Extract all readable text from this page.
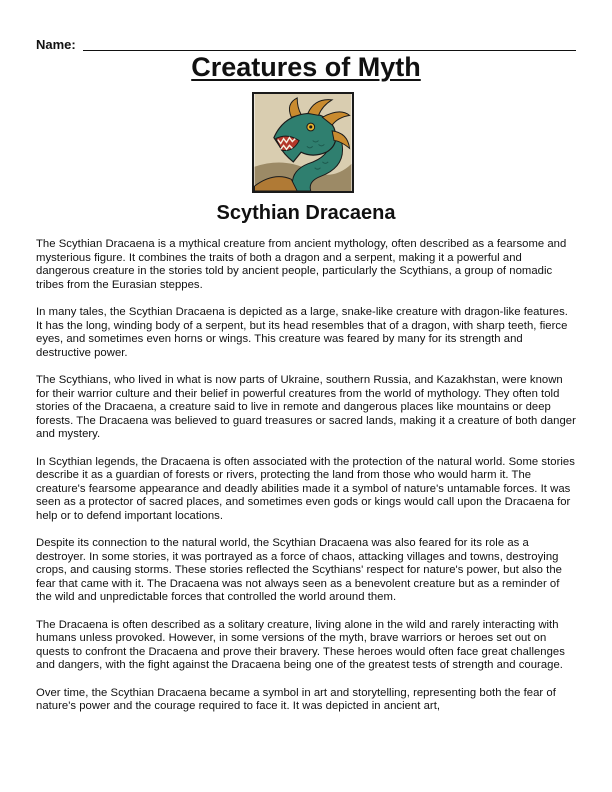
Name:
Creatures of Myth
Scythian Dracaena

The Scythian Dracaena is a mythical creature from ancient mythology, often described as a fearsome and mysterious figure. It combines the traits of both a dragon and a serpent, making it a powerful and dangerous creature in the stories told by ancient people, particularly the Scythians, a group of nomadic tribes from the Eurasian steppes.

In many tales, the Scythian Dracaena is depicted as a large, snake-like creature with dragon-like features. It has the long, winding body of a serpent, but its head resembles that of a dragon, with sharp teeth, fierce eyes, and sometimes even horns or wings. This creature was feared by many for its strength and destructive power.

The Scythians, who lived in what is now parts of Ukraine, southern Russia, and Kazakhstan, were known for their warrior culture and their belief in powerful creatures from the world of mythology. They often told stories of the Dracaena, a creature said to live in remote and dangerous places like mountains or deep forests. The Dracaena was believed to guard treasures or sacred lands, making it a creature of both danger and mystery.

In Scythian legends, the Dracaena is often associated with the protection of the natural world. Some stories describe it as a guardian of forests or rivers, protecting the land from those who would harm it. The creature's fearsome appearance and deadly abilities made it a symbol of nature's untamable forces. It was seen as a protector of sacred places, and sometimes even gods or kings would call upon the Dracaena for help or to defend important locations.

Despite its connection to the natural world, the Scythian Dracaena was also feared for its role as a destroyer. In some stories, it was portrayed as a force of chaos, attacking villages and towns, destroying crops, and causing storms. These stories reflected the Scythians' respect for nature's power, but also the fear that came with it. The Dracaena was not always seen as a benevolent creature but as a reminder of the wild and unpredictable forces that controlled the world around them.

The Dracaena is often described as a solitary creature, living alone in the wild and rarely interacting with humans unless provoked. However, in some versions of the myth, brave warriors or heroes set out on quests to confront the Dracaena and prove their bravery. These heroes would often face great challenges and dangers, with the fight against the Dracaena being one of the greatest tests of strength and courage.

Over time, the Scythian Dracaena became a symbol in art and storytelling, representing both the fear of nature's power and the courage required to face it. It was depicted in ancient art,
